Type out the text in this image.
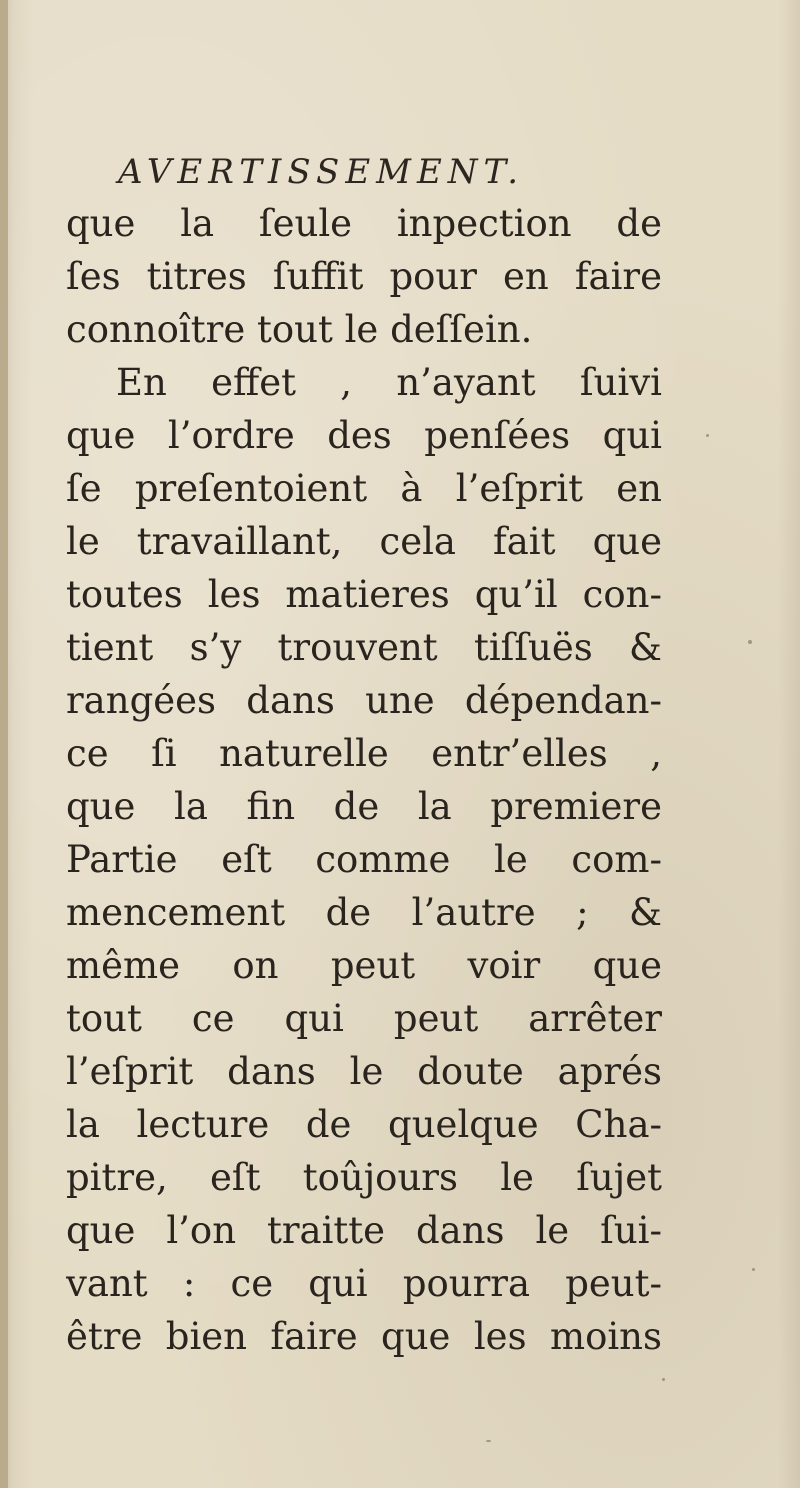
AVERTISSEMENT.
que la ſeule inpection de
ſes titres ſuffit pour en faire
connoître tout le deſſein.
En effet , n’ayant ſuivi
que l’ordre des penſées qui
ſe preſentoient à l’eſprit en
le travaillant, cela fait que
toutes les matieres qu’il con-
tient s’y trouvent tiſſuës &
rangées dans une dépendan-
ce ſi naturelle entr’elles ,
que la fin de la premiere
Partie eſt comme le com-
mencement de l’autre ; &
même on peut voir que
tout ce qui peut arrêter
l’eſprit dans le doute aprés
la lecture de quelque Cha-
pitre, eſt toûjours le ſujet
que l’on traitte dans le ſui-
vant : ce qui pourra peut-
être bien faire que les moins
